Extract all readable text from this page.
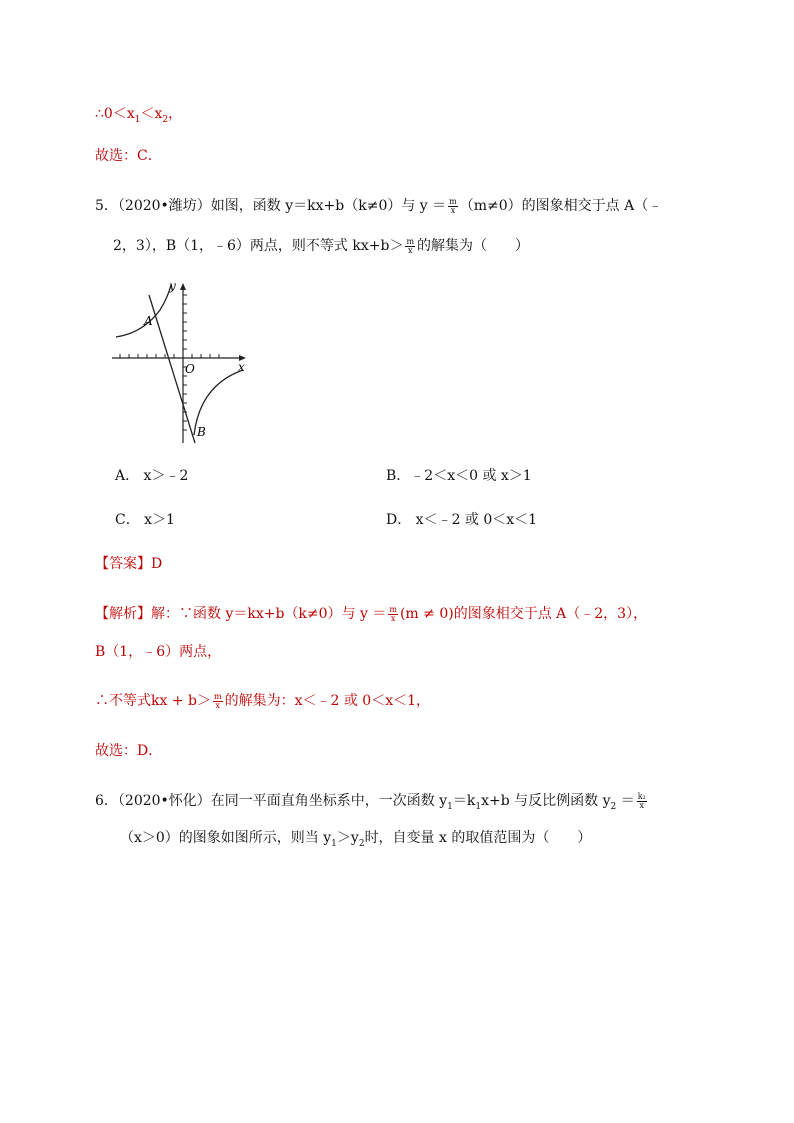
$\therefore 0<x_1<x_2$，
故选：C．
5．（2020•潍坊）如图，函数 y＝kx+b（k≠0）与 $y = \frac{m}{x} (m\ne 0)$的图象相交于点 A（﹣
2，3），B（1，﹣6）两点，则不等式 $kx+b> \frac{m}{x}$ 的解集为（　　）
y
x
O
A
B
A． x＞﹣2	B．﹣2＜x＜0 或 x＞1
C． x＞1	D． x＜﹣2 或 0＜x＜1
【答案】D
【解析】解：∵函数 y＝kx+b（k≠0）与 $y = \frac{m}{x} (m \ne 0)$的图象相交于点 A（﹣2，3），
B（1，﹣6）两点，
∴不等式kx + $b> \frac{m}{x}$ 的解集为：x＜﹣2 或 0＜x＜1，
故选：D．
6．（2020•怀化）在同一平面直角坐标系中，一次函数 $y_1=k_1x+b$ 与反比例函数 $y_2 = \frac{\text{k₂}}{x}$
（x＞0）的图象如图所示，则当 $y_1>y_2$时，自变量 x 的取值范围为（　　）
